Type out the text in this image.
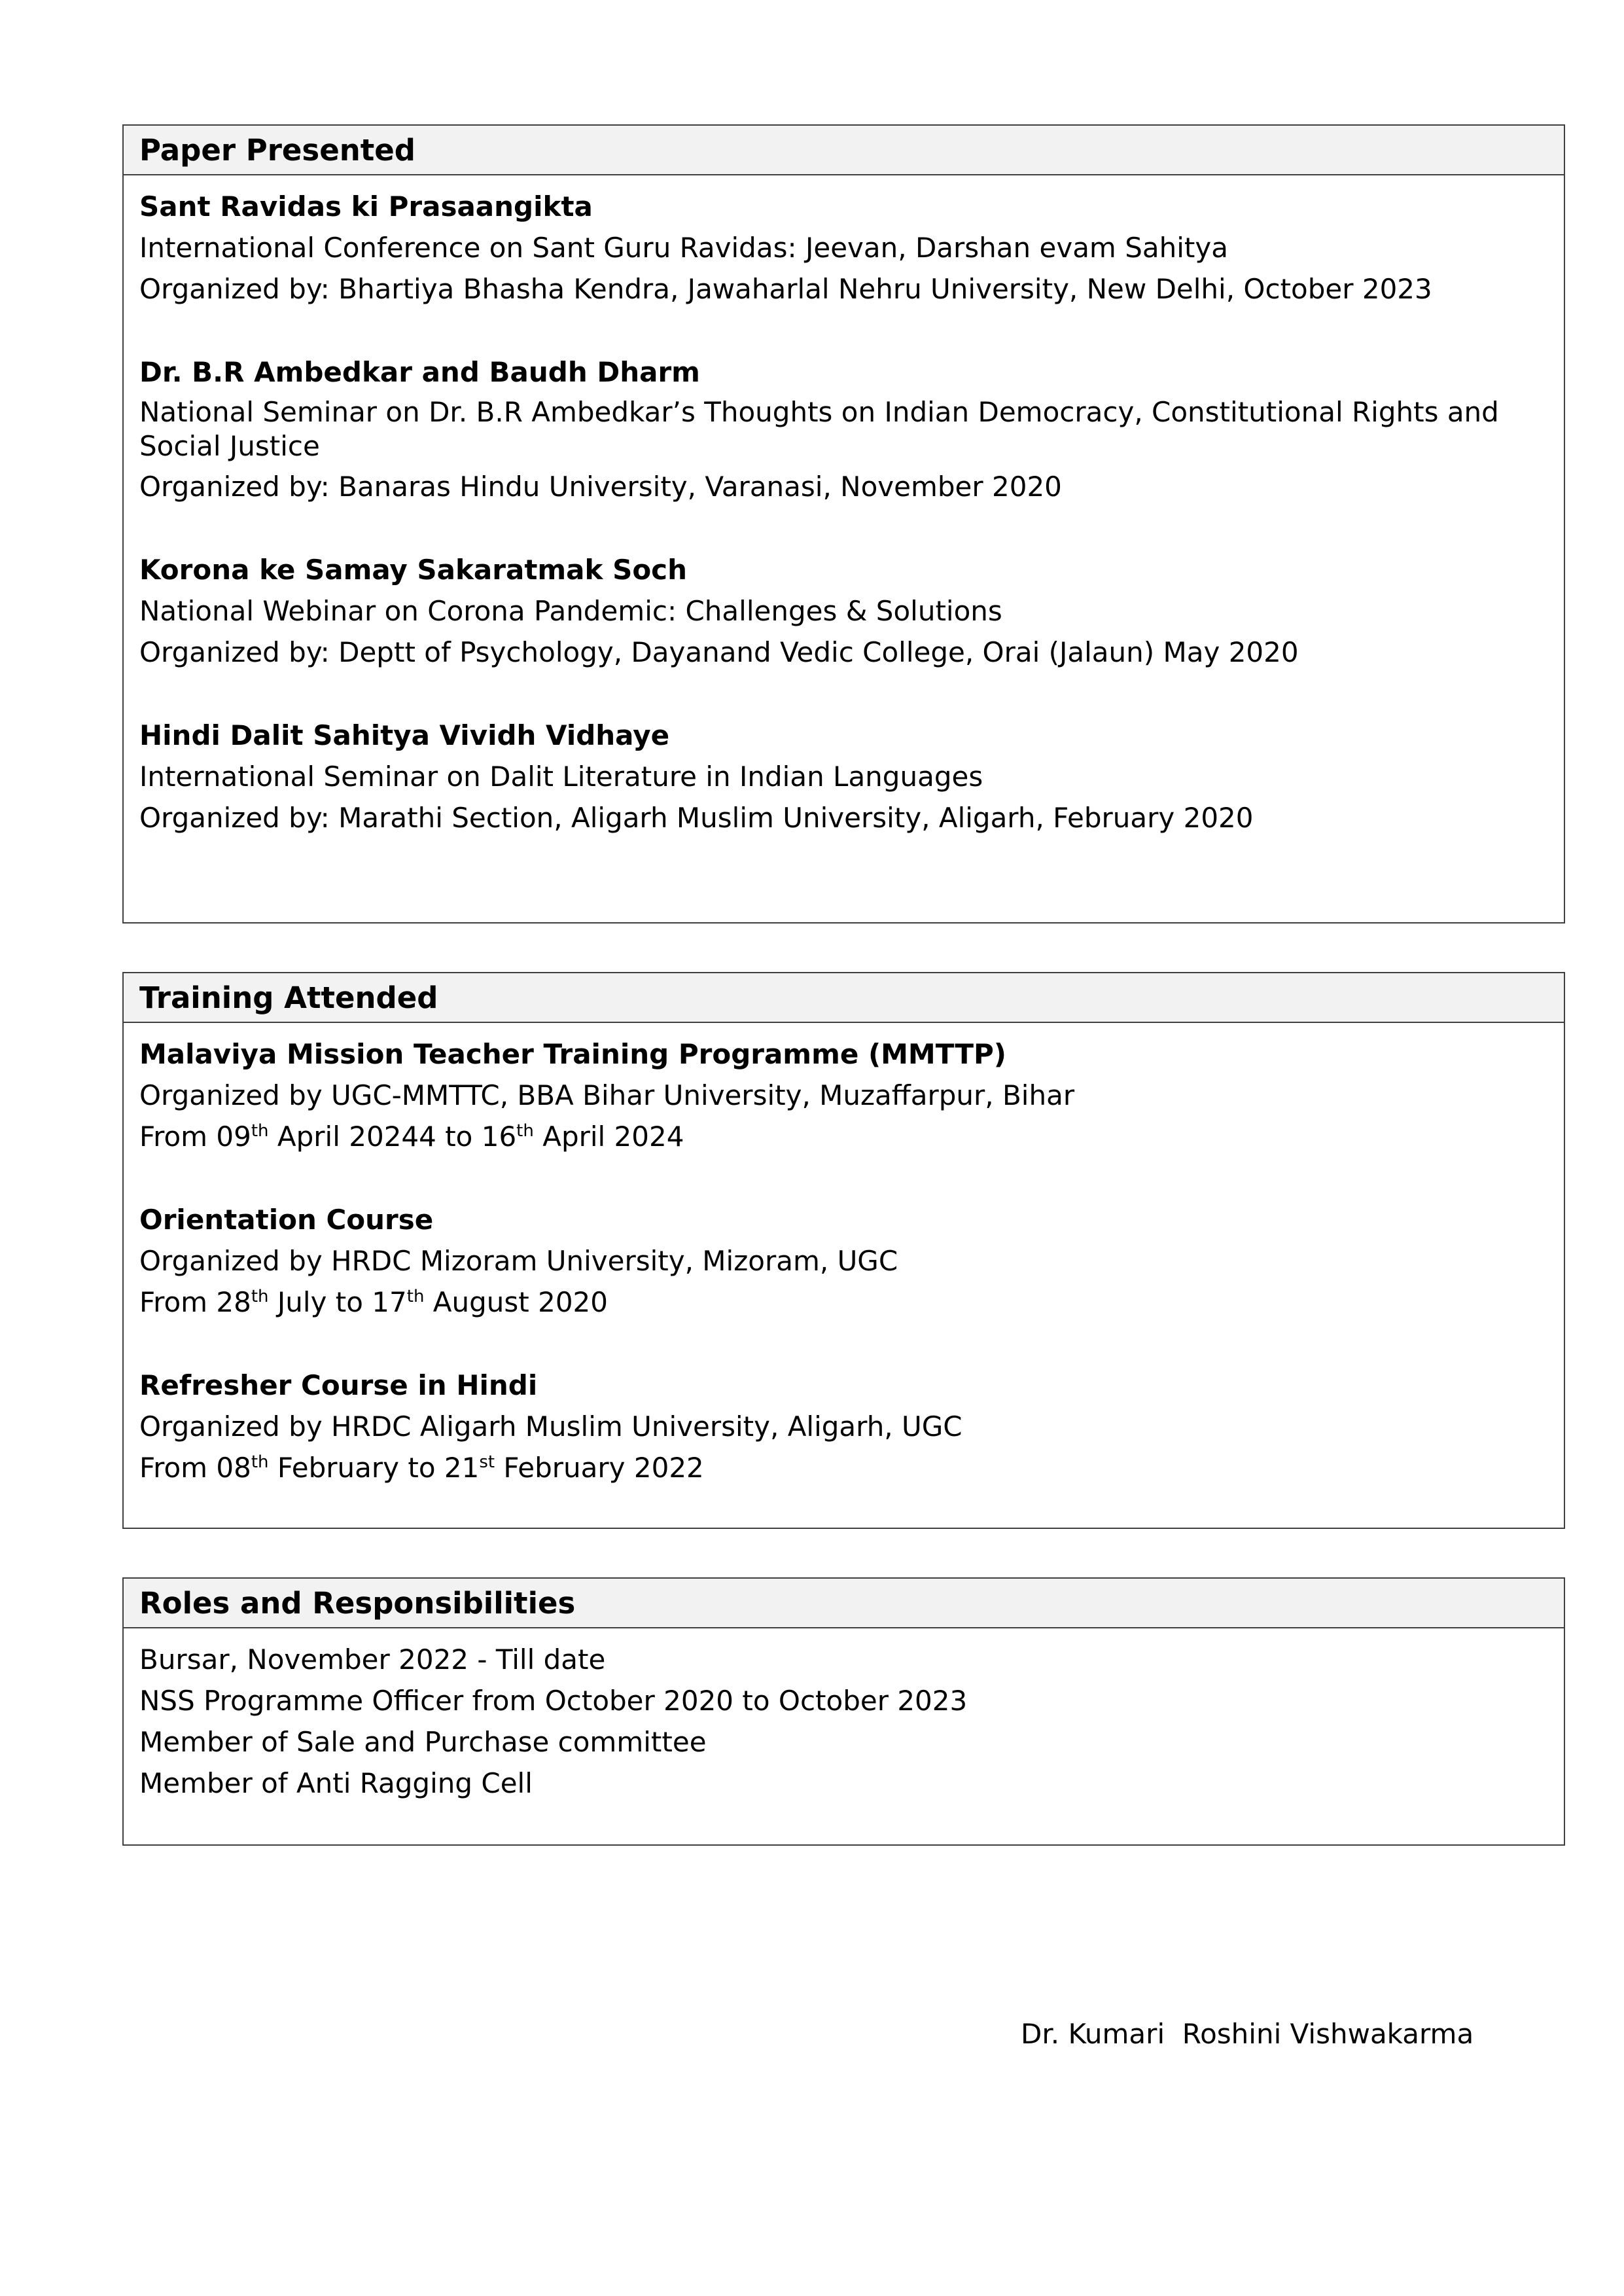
Paper Presented

Sant Ravidas ki Prasaangikta

International Conference on Sant Guru Ravidas: Jeevan, Darshan evam Sahitya

Organized by: Bhartiya Bhasha Kendra, Jawaharlal Nehru University, New Delhi, October 2023

Dr. B.R Ambedkar and Baudh Dharm

National Seminar on Dr. B.R Ambedkar’s Thoughts on Indian Democracy, Constitutional Rights and Social Justice

Organized by: Banaras Hindu University, Varanasi, November 2020

Korona ke Samay Sakaratmak Soch

National Webinar on Corona Pandemic: Challenges & Solutions

Organized by: Deptt of Psychology, Dayanand Vedic College, Orai (Jalaun) May 2020

Hindi Dalit Sahitya Vividh Vidhaye

International Seminar on Dalit Literature in Indian Languages

Organized by: Marathi Section, Aligarh Muslim University, Aligarh, February 2020

Training Attended

Malaviya Mission Teacher Training Programme (MMTTP)

Organized by UGC-MMTTC, BBA Bihar University, Muzaffarpur, Bihar

From 09th April 20244 to 16th April 2024

Orientation Course

Organized by HRDC Mizoram University, Mizoram, UGC

From 28th July to 17th August 2020

Refresher Course in Hindi

Organized by HRDC Aligarh Muslim University, Aligarh, UGC

From 08th February to 21st February 2022

Roles and Responsibilities

Bursar, November 2022 - Till date

NSS Programme Officer from October 2020 to October 2023

Member of Sale and Purchase committee

Member of Anti Ragging Cell

Dr. Kumari  Roshini Vishwakarma
